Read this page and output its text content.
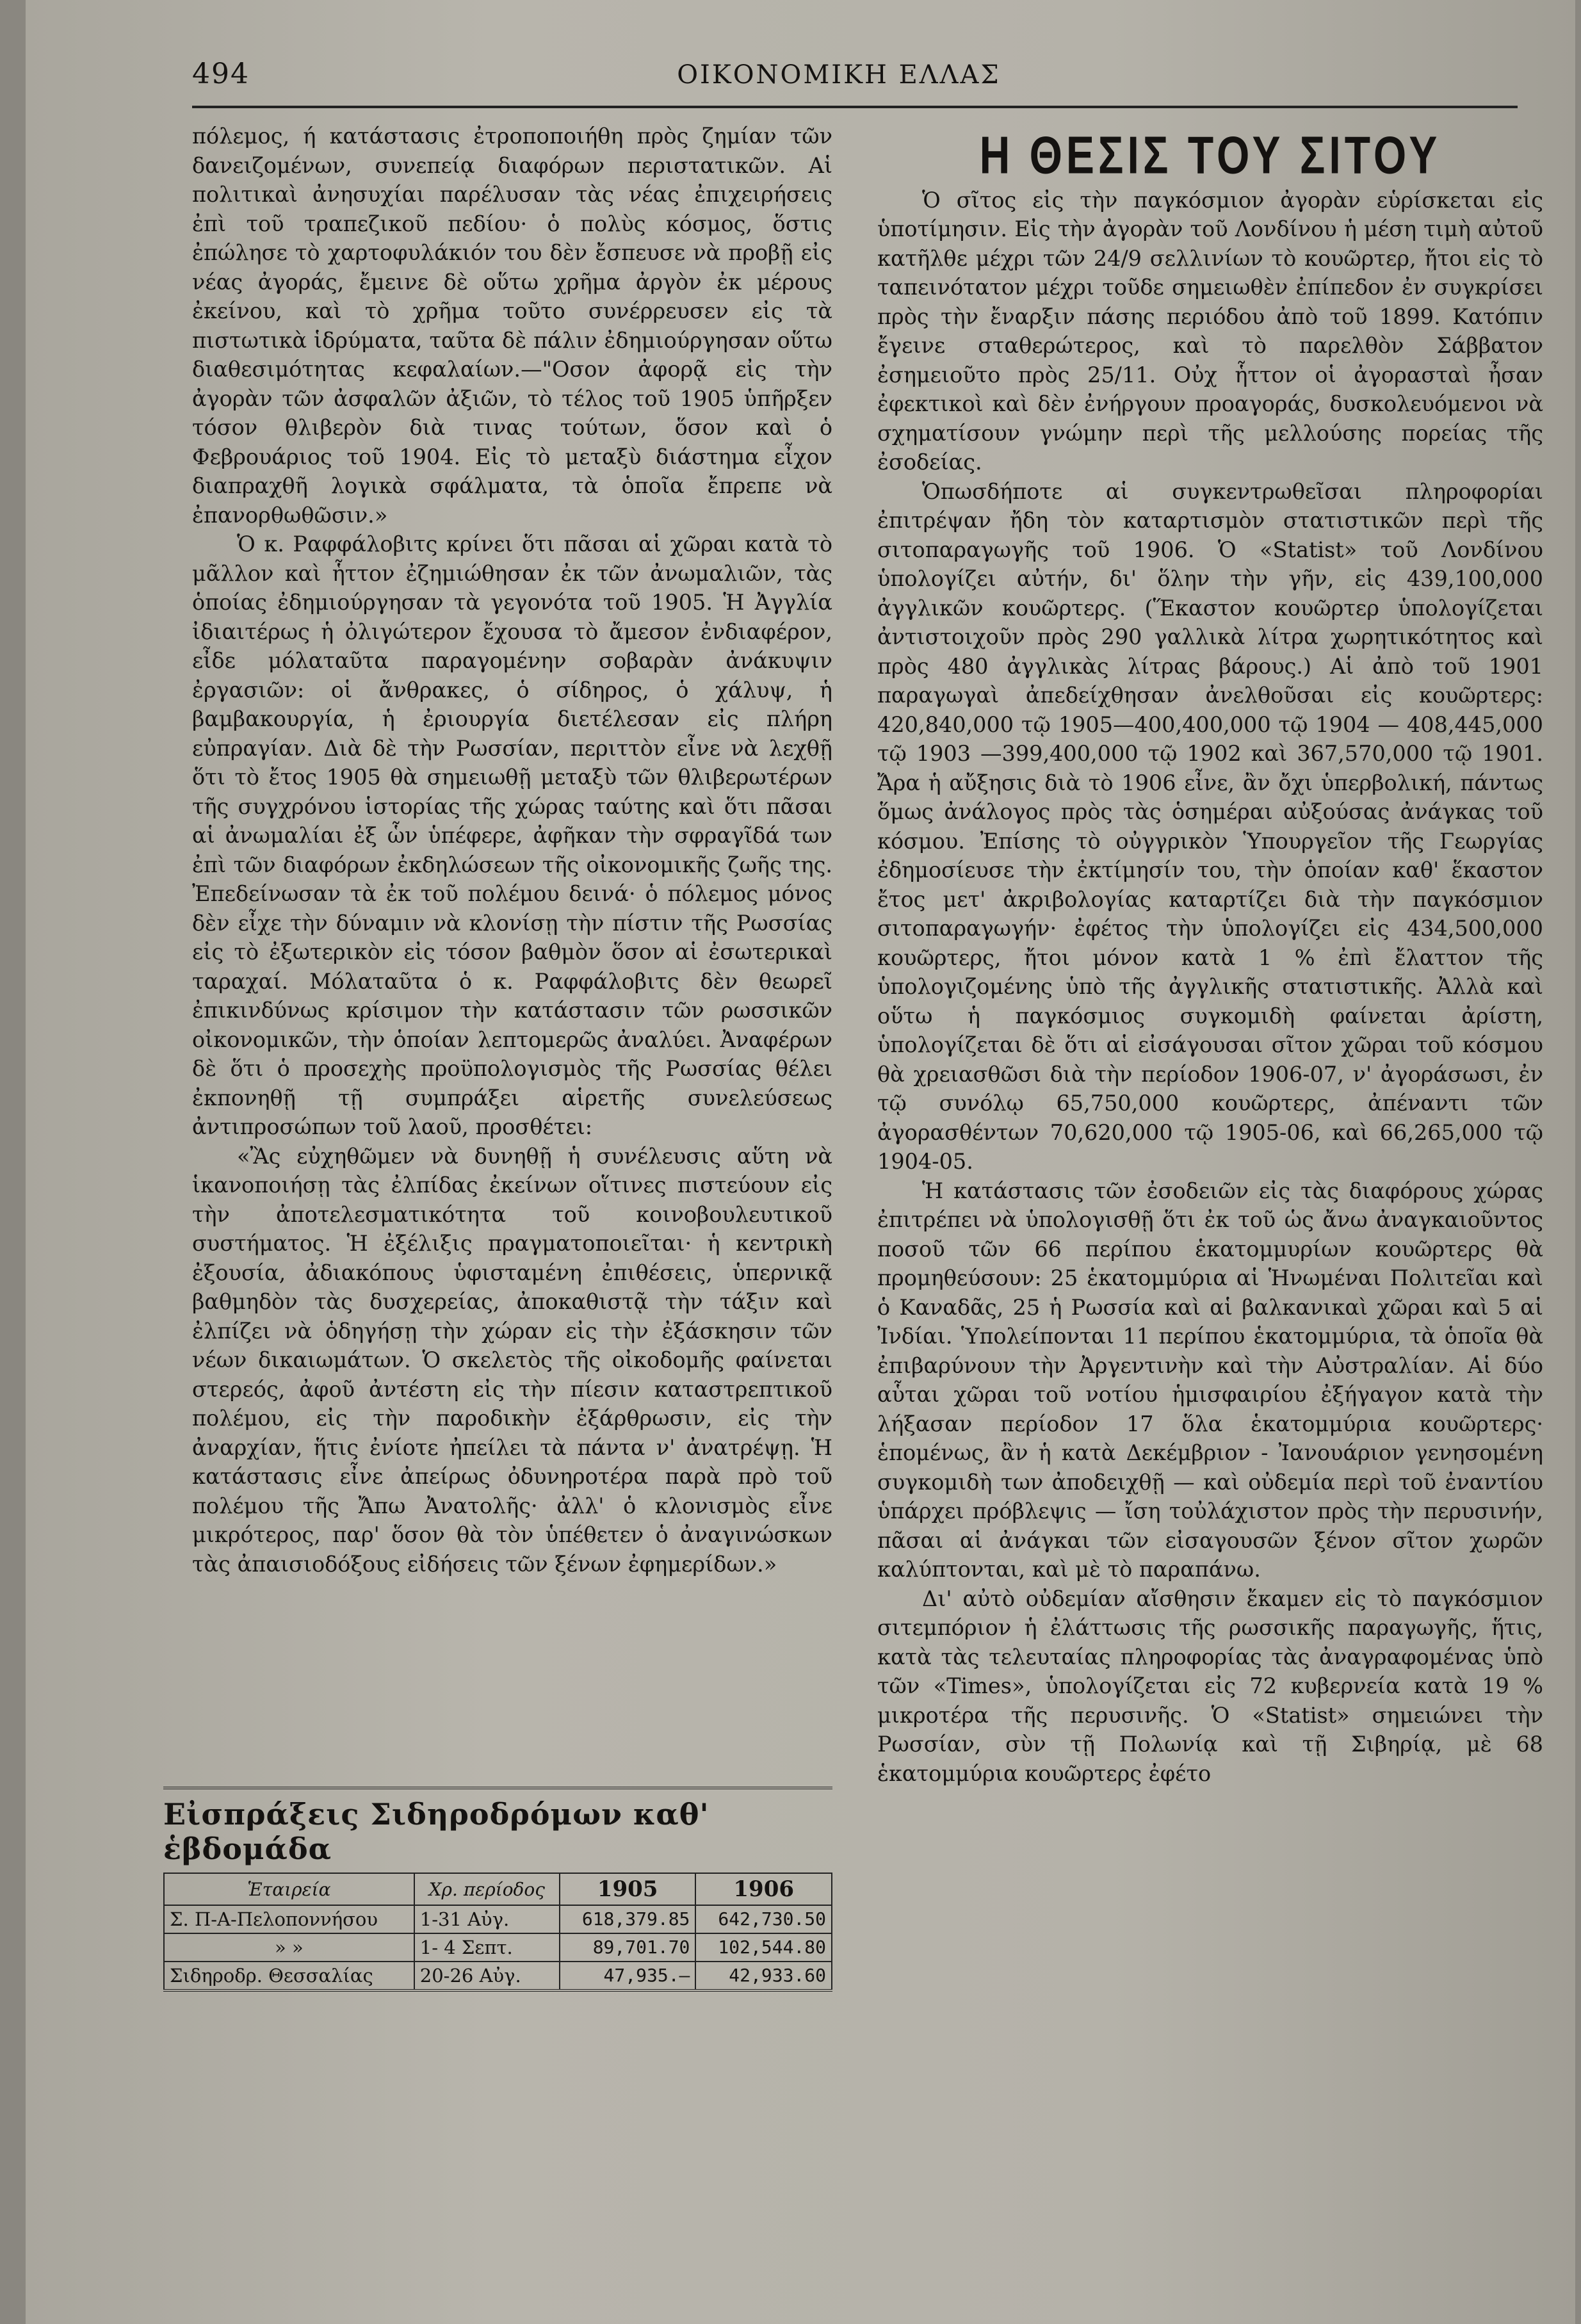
494	ΟΙΚΟΝΟΜΙΚΗ ΕΛΛΑΣ

πόλεμος, ή κατάστασις ἐτροποποιήθη πρὸς ζημίαν τῶν δανειζομένων, συνεπείᾳ διαφόρων περιστατικῶν. Αἱ πολιτικαὶ ἀνησυχίαι παρέλυσαν τὰς νέας ἐπιχειρήσεις ἐπὶ τοῦ τραπεζικοῦ πεδίου· ὁ πολὺς κόσμος, ὅστις ἐπώλησε τὸ χαρτοφυλάκιόν του δὲν ἔσπευσε νὰ προβῇ εἰς νέας ἀγοράς, ἔμεινε δὲ οὕτω χρῆμα ἀργὸν ἐκ μέρους ἐκείνου, καὶ τὸ χρῆμα τοῦτο συνέρρευσεν εἰς τὰ πιστωτικὰ ἱδρύματα, ταῦτα δὲ πάλιν ἐδημιούργησαν οὕτω διαθεσιμότητας κεφαλαίων.—"Οσον ἀφορᾷ εἰς τὴν ἀγορὰν τῶν ἀσφαλῶν ἀξιῶν, τὸ τέλος τοῦ 1905 ὑπῆρξεν τόσον θλιβερὸν διὰ τινας τούτων, ὅσον καὶ ὁ Φεβρουάριος τοῦ 1904. Εἰς τὸ μεταξὺ διάστημα εἶχον διαπραχθῆ λογικὰ σφάλματα, τὰ ὁποῖα ἔπρεπε νὰ ἐπανορθωθῶσιν.»

Ὁ κ. Ραφφάλοβιτς κρίνει ὅτι πᾶσαι αἱ χῶραι κατὰ τὸ μᾶλλον καὶ ἧττον ἐζημιώθησαν ἐκ τῶν ἀνωμαλιῶν, τὰς ὁποίας ἐδημιούργησαν τὰ γεγονότα τοῦ 1905. Ἡ Ἀγγλία ἰδιαιτέρως ἡ ὀλιγώτερον ἔχουσα τὸ ἄμεσον ἐνδιαφέρον, εἶδε μόλαταῦτα παραγομένην σοβαρὰν ἀνάκυψιν ἐργασιῶν: οἱ ἄνθρακες, ὁ σίδηρος, ὁ χάλυψ, ἡ βαμβακουργία, ἡ ἐριουργία διετέλεσαν εἰς πλήρη εὐπραγίαν. Διὰ δὲ τὴν Ρωσσίαν, περιττὸν εἶνε νὰ λεχθῇ ὅτι τὸ ἔτος 1905 θὰ σημειωθῇ μεταξὺ τῶν θλιβερωτέρων τῆς συγχρόνου ἱστορίας τῆς χώρας ταύτης καὶ ὅτι πᾶσαι αἱ ἀνωμαλίαι ἐξ ὧν ὑπέφερε, ἀφῆκαν τὴν σφραγῖδά των ἐπὶ τῶν διαφόρων ἐκδηλώσεων τῆς οἰκονομικῆς ζωῆς της. Ἐπεδείνωσαν τὰ ἐκ τοῦ πολέμου δεινά· ὁ πόλεμος μόνος δὲν εἶχε τὴν δύναμιν νὰ κλονίσῃ τὴν πίστιν τῆς Ρωσσίας εἰς τὸ ἐξωτερικὸν εἰς τόσον βαθμὸν ὅσον αἱ ἐσωτερικαὶ ταραχαί. Μόλαταῦτα ὁ κ. Ραφφάλοβιτς δὲν θεωρεῖ ἐπικινδύνως κρίσιμον τὴν κατάστασιν τῶν ρωσσικῶν οἰκονομικῶν, τὴν ὁποίαν λεπτομερῶς ἀναλύει. Ἀναφέρων δὲ ὅτι ὁ προσεχὴς προϋπολογισμὸς τῆς Ρωσσίας θέλει ἐκπονηθῇ τῇ συμπράξει αἱρετῆς συνελεύσεως ἀντιπροσώπων τοῦ λαοῦ, προσθέτει:

«Ἂς εὐχηθῶμεν νὰ δυνηθῇ ἡ συνέλευσις αὕτη νὰ ἱκανοποιήσῃ τὰς ἐλπίδας ἐκείνων οἵτινες πιστεύουν εἰς τὴν ἀποτελεσματικότητα τοῦ κοινοβουλευτικοῦ συστήματος. Ἡ ἐξέλιξις πραγματοποιεῖται· ἡ κεντρικὴ ἐξουσία, ἀδιακόπους ὑφισταμένη ἐπιθέσεις, ὑπερνικᾷ βαθμηδὸν τὰς δυσχερείας, ἀποκαθιστᾷ τὴν τάξιν καὶ ἐλπίζει νὰ ὁδηγήσῃ τὴν χώραν εἰς τὴν ἐξάσκησιν τῶν νέων δικαιωμάτων. Ὁ σκελετὸς τῆς οἰκοδομῆς φαίνεται στερεός, ἀφοῦ ἀντέστη εἰς τὴν πίεσιν καταστρεπτικοῦ πολέμου, εἰς τὴν παροδικὴν ἐξάρθρωσιν, εἰς τὴν ἀναρχίαν, ἥτις ἐνίοτε ἠπείλει τὰ πάντα ν' ἀνατρέψῃ. Ἡ κατάστασις εἶνε ἀπείρως ὀδυνηροτέρα παρὰ πρὸ τοῦ πολέμου τῆς Ἄπω Ἀνατολῆς· ἀλλ' ὁ κλονισμὸς εἶνε μικρότερος, παρ' ὅσον θὰ τὸν ὑπέθετεν ὁ ἀναγινώσκων τὰς ἀπαισιοδόξους εἰδήσεις τῶν ξένων ἐφημερίδων.»

Εἰσπράξεις Σιδηροδρόμων καθ' ἑβδομάδα
Ἑταιρεία	Χρ. περίοδος	1905	1906
Σ. Π-Α-Πελοποννήσου	1-31 Αὐγ.	618,379.85	642,730.50
» »	1- 4 Σεπτ.	89,701.70	102,544.80
Σιδηροδρ. Θεσσαλίας	20-26 Αὐγ.	47,935.—	42,933.60
Η ΘΕΣΙΣ ΤΟΥ ΣΙΤΟΥ

Ὁ σῖτος εἰς τὴν παγκόσμιον ἀγορὰν εὑρίσκεται εἰς ὑποτίμησιν. Εἰς τὴν ἀγορὰν τοῦ Λονδίνου ἡ μέση τιμὴ αὐτοῦ κατῆλθε μέχρι τῶν 24/9 σελλινίων τὸ κουῶρτερ, ἤτοι εἰς τὸ ταπεινότατον μέχρι τοῦδε σημειωθὲν ἐπίπεδον ἐν συγκρίσει πρὸς τὴν ἔναρξιν πάσης περιόδου ἀπὸ τοῦ 1899. Κατόπιν ἔγεινε σταθερώτερος, καὶ τὸ παρελθὸν Σάββατον ἐσημειοῦτο πρὸς 25/11. Οὐχ ἧττον οἱ ἀγορασταὶ ἦσαν ἐφεκτικοὶ καὶ δὲν ἐνήργουν προαγοράς, δυσκολευόμενοι νὰ σχηματίσουν γνώμην περὶ τῆς μελλούσης πορείας τῆς ἐσοδείας.

Ὁπωσδήποτε αἱ συγκεντρωθεῖσαι πληροφορίαι ἐπιτρέψαν ἤδη τὸν καταρτισμὸν στατιστικῶν περὶ τῆς σιτοπαραγωγῆς τοῦ 1906. Ὁ «Statist» τοῦ Λονδίνου ὑπολογίζει αὐτήν, δι' ὅλην τὴν γῆν, εἰς 439,100,000 ἀγγλικῶν κουῶρτερς. (Ἕκαστον κουῶρτερ ὑπολογίζεται ἀντιστοιχοῦν πρὸς 290 γαλλικὰ λίτρα χωρητικότητος καὶ πρὸς 480 ἀγγλικὰς λίτρας βάρους.) Αἱ ἀπὸ τοῦ 1901 παραγωγαὶ ἀπεδείχθησαν ἀνελθοῦσαι εἰς κουῶρτερς: 420,840,000 τῷ 1905—400,400,000 τῷ 1904 — 408,445,000 τῷ 1903 —399,400,000 τῷ 1902 καὶ 367,570,000 τῷ 1901. Ἄρα ἡ αὔξησις διὰ τὸ 1906 εἶνε, ἂν ὄχι ὑπερβολική, πάντως ὅμως ἀνάλογος πρὸς τὰς ὁσημέραι αὐξούσας ἀνάγκας τοῦ κόσμου. Ἐπίσης τὸ οὐγγρικὸν Ὑπουργεῖον τῆς Γεωργίας ἐδημοσίευσε τὴν ἐκτίμησίν του, τὴν ὁποίαν καθ' ἕκαστον ἔτος μετ' ἀκριβολογίας καταρτίζει διὰ τὴν παγκόσμιον σιτοπαραγωγήν· ἐφέτος τὴν ὑπολογίζει εἰς 434,500,000 κουῶρτερς, ἤτοι μόνον κατὰ 1 % ἐπὶ ἔλαττον τῆς ὑπολογιζομένης ὑπὸ τῆς ἀγγλικῆς στατιστικῆς. Ἀλλὰ καὶ οὕτω ἡ παγκόσμιος συγκομιδὴ φαίνεται ἀρίστη, ὑπολογίζεται δὲ ὅτι αἱ εἰσάγουσαι σῖτον χῶραι τοῦ κόσμου θὰ χρειασθῶσι διὰ τὴν περίοδον 1906-07, ν' ἀγοράσωσι, ἐν τῷ συνόλῳ 65,750,000 κουῶρτερς, ἀπέναντι τῶν ἀγορασθέντων 70,620,000 τῷ 1905-06, καὶ 66,265,000 τῷ 1904-05.

Ἡ κατάστασις τῶν ἐσοδειῶν εἰς τὰς διαφόρους χώρας ἐπιτρέπει νὰ ὑπολογισθῇ ὅτι ἐκ τοῦ ὡς ἄνω ἀναγκαιοῦντος ποσοῦ τῶν 66 περίπου ἑκατομμυρίων κουῶρτερς θὰ προμηθεύσουν: 25 ἑκατομμύρια αἱ Ἡνωμέναι Πολιτεῖαι καὶ ὁ Καναδᾶς, 25 ἡ Ρωσσία καὶ αἱ βαλκανικαὶ χῶραι καὶ 5 αἱ Ἰνδίαι. Ὑπολείπονται 11 περίπου ἑκατομμύρια, τὰ ὁποῖα θὰ ἐπιβαρύνουν τὴν Ἀργεντινὴν καὶ τὴν Αὐστραλίαν. Αἱ δύο αὗται χῶραι τοῦ νοτίου ἡμισφαιρίου ἐξήγαγον κατὰ τὴν λήξασαν περίοδον 17 ὅλα ἑκατομμύρια κουῶρτερς· ἑπομένως, ἂν ἡ κατὰ Δεκέμβριον - Ἰανουάριον γενησομένη συγκομιδὴ των ἀποδειχθῇ — καὶ οὐδεμία περὶ τοῦ ἐναντίου ὑπάρχει πρόβλεψις — ἴση τοὐλάχιστον πρὸς τὴν περυσινήν, πᾶσαι αἱ ἀνάγκαι τῶν εἰσαγουσῶν ξένον σῖτον χωρῶν καλύπτονται, καὶ μὲ τὸ παραπάνω.

Δι' αὐτὸ οὐδεμίαν αἴσθησιν ἔκαμεν εἰς τὸ παγκόσμιον σιτεμπόριον ἡ ἐλάττωσις τῆς ρωσσικῆς παραγωγῆς, ἥτις, κατὰ τὰς τελευταίας πληροφορίας τὰς ἀναγραφομένας ὑπὸ τῶν «Times», ὑπολογίζεται εἰς 72 κυβερνεία κατὰ 19 % μικροτέρα τῆς περυσινῆς. Ὁ «Statist» σημειώνει τὴν Ρωσσίαν, σὺν τῇ Πολωνίᾳ καὶ τῇ Σιβηρίᾳ, μὲ 68 ἑκατομμύρια κουῶρτερς ἐφέτο
